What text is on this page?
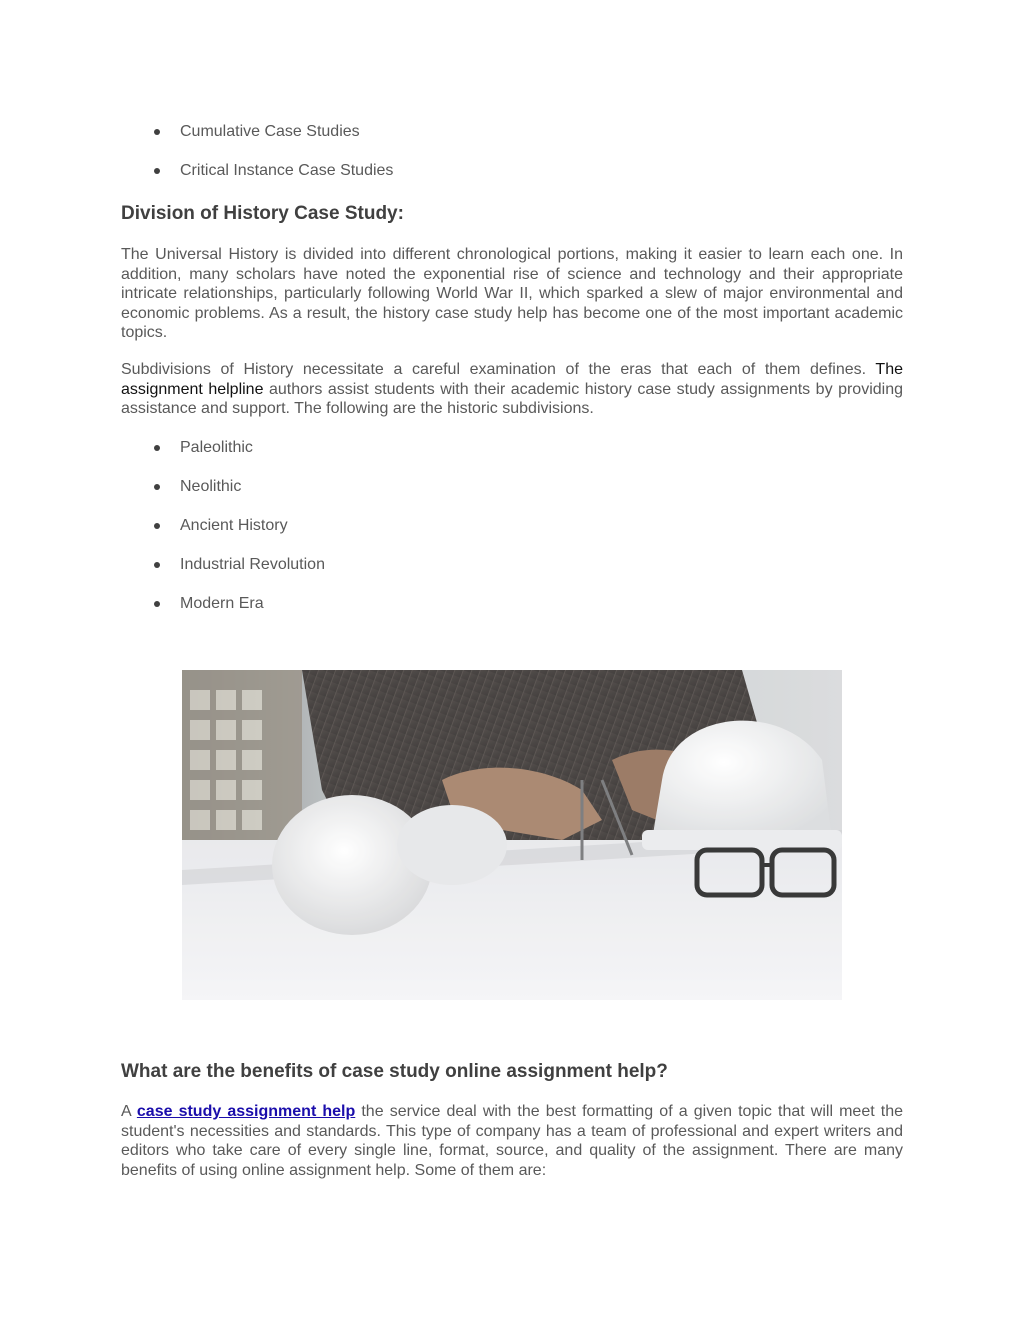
Cumulative Case Studies
Critical Instance Case Studies
Division of History Case Study:

The Universal History is divided into different chronological portions, making it easier to learn each one. In addition, many scholars have noted the exponential rise of science and technology and their appropriate intricate relationships, particularly following World War II, which sparked a slew of major environmental and economic problems. As a result, the history case study help has become one of the most important academic topics.

Subdivisions of History necessitate a careful examination of the eras that each of them defines. The assignment helpline authors assist students with their academic history case study assignments by providing assistance and support. The following are the historic subdivisions.

Paleolithic
Neolithic
Ancient History
Industrial Revolution
Modern Era
What are the benefits of case study online assignment help?

A case study assignment help the service deal with the best formatting of a given topic that will meet the student's necessities and standards. This type of company has a team of professional and expert writers and editors who take care of every single line, format, source, and quality of the assignment. There are many benefits of using online assignment help. Some of them are:
